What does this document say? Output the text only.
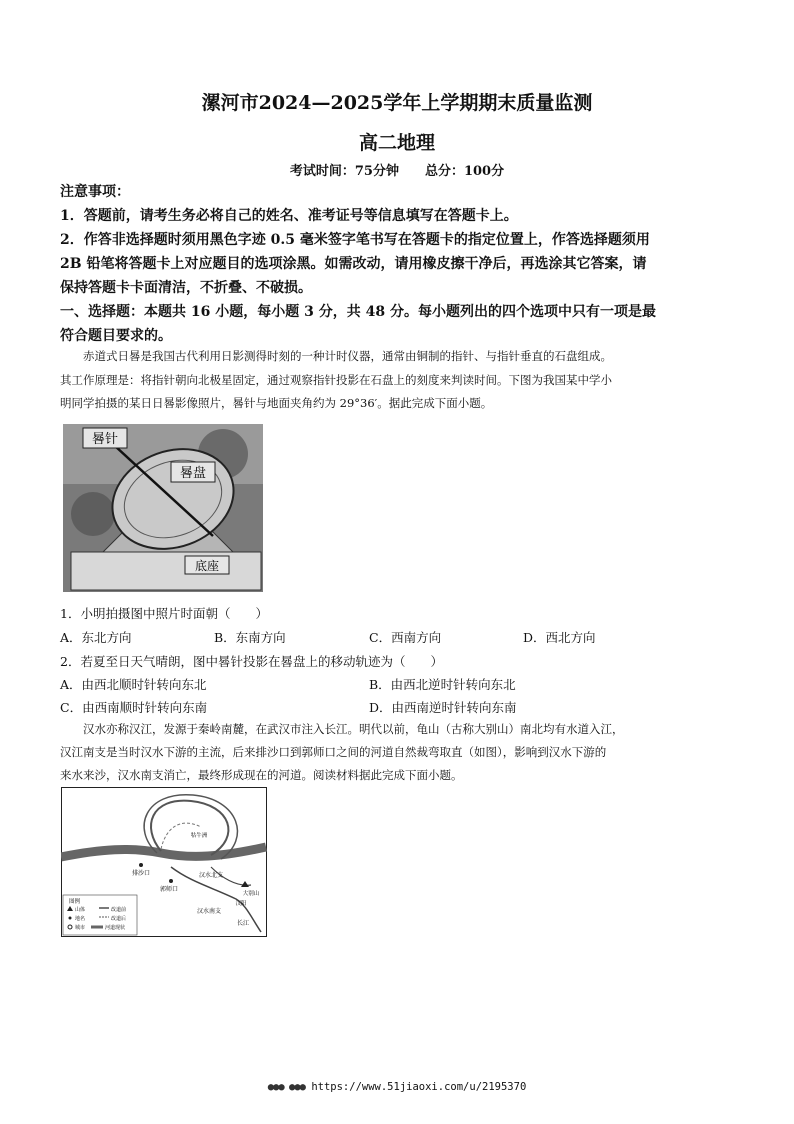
漯河市2024—2025学年上学期期末质量监测
高二地理
考试时间：75分钟　　总分：100分
注意事项：
1．答题前，请考生务必将自己的姓名、准考证号等信息填写在答题卡上。
2．作答非选择题时须用黑色字迹 0.5 毫米签字笔书写在答题卡的指定位置上，作答选择题须用
2B 铅笔将答题卡上对应题目的选项涂黑。如需改动，请用橡皮擦干净后，再选涂其它答案，请
保持答题卡卡面清洁，不折叠、不破损。
一、选择题：本题共 16 小题，每小题 3 分，共 48 分。每小题列出的四个选项中只有一项是最
符合题目要求的。
　　赤道式日晷是我国古代利用日影测得时刻的一种计时仪器，通常由铜制的指针、与指针垂直的石盘组成。
其工作原理是：将指针朝向北极星固定，通过观察指针投影在石盘上的刻度来判读时间。下图为我国某中学小
明同学拍摄的某日日晷影像照片，晷针与地面夹角约为 29°36′。据此完成下面小题。
晷针
晷盘
底座
1．小明拍摄图中照片时面朝（　　）
A．东北方向	B．东南方向	C．西南方向	D．西北方向
2．若夏至日天气晴朗，图中晷针投影在晷盘上的移动轨迹为（　　）
A．由西北顺时针转向东北	B．由西北逆时针转向东北
C．由西南顺时针转向东南	D．由西南逆时针转向东南
　　汉水亦称汉江，发源于秦岭南麓，在武汉市注入长江。明代以前，龟山（古称大别山）南北均有水道入江，
汉江南支是当时汉水下游的主流，后来排沙口到郭师口之间的河道自然裁弯取直（如图），影响到汉水下游的
来水来沙，汉水南支消亡，最终形成现在的河道。阅读材料据此完成下面小题。
牯牛洲
排沙口
郭师口
汉水北支
汉水南支
大别山
汉阳
长江
图例
山体
地名
城市
改道前
改道后
河道现状
●●● ●●● https://www.51jiaoxi.com/u/2195370
